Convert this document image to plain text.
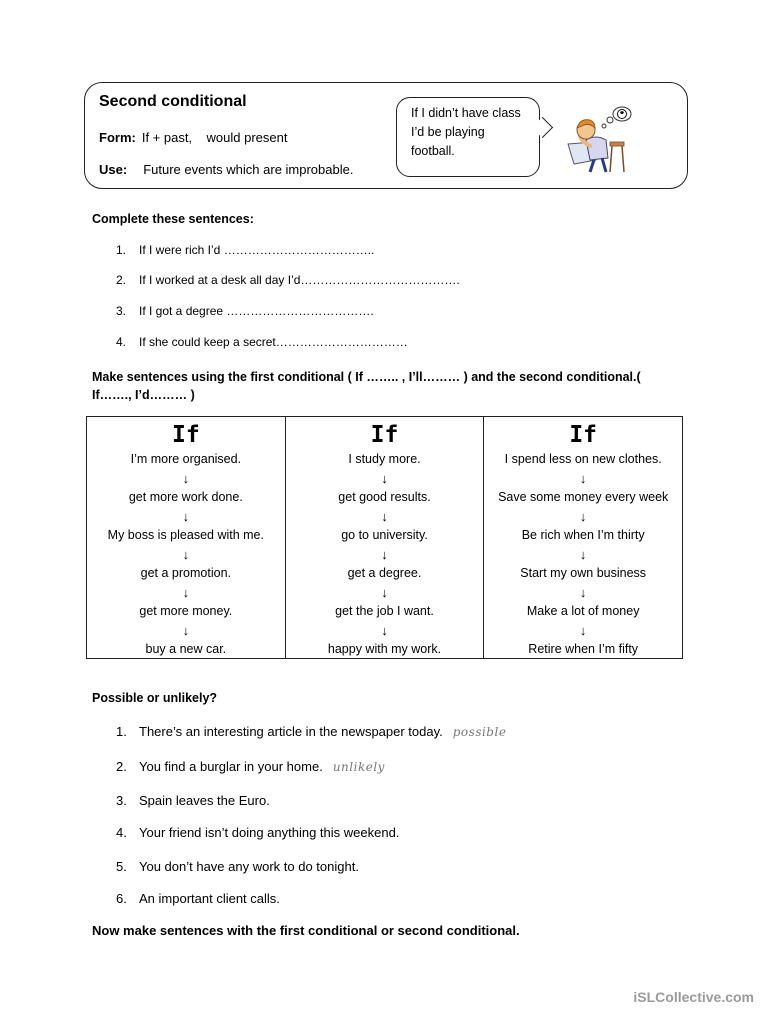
Second conditional
Form: If + past,    would present
Use: Future events which are improbable.
If I didn’t have class
I’d be playing
football.
Complete these sentences:
1. If I were rich I’d ………………………………..
2. If I worked at a desk all day I’d………………………………….
3. If I got a degree ……………………………….
4. If she could keep a secret……………………………
Make sentences using the first conditional ( If …….. , I’ll……… ) and the second conditional.( If……., I’d……… )
If
I’m more organised.
↓
get more work done.
↓
My boss is pleased with me.
↓
get a promotion.
↓
get more money.
↓
buy a new car.
If
I study more.
↓
get good results.
↓
go to university.
↓
get a degree.
↓
get the job I want.
↓
happy with my work.
If
I spend less on new clothes.
↓
Save some money every week
↓
Be rich when I’m thirty
↓
Start my own business
↓
Make a lot of money
↓
Retire when I’m fifty
Possible or unlikely?
1. There’s an interesting article in the newspaper today. possible
2. You find a burglar in your home. unlikely
3. Spain leaves the Euro.
4. Your friend isn’t doing anything this weekend.
5. You don’t have any work to do tonight.
6. An important client calls.
Now make sentences with the first conditional or second conditional.
iSLCollective.com
